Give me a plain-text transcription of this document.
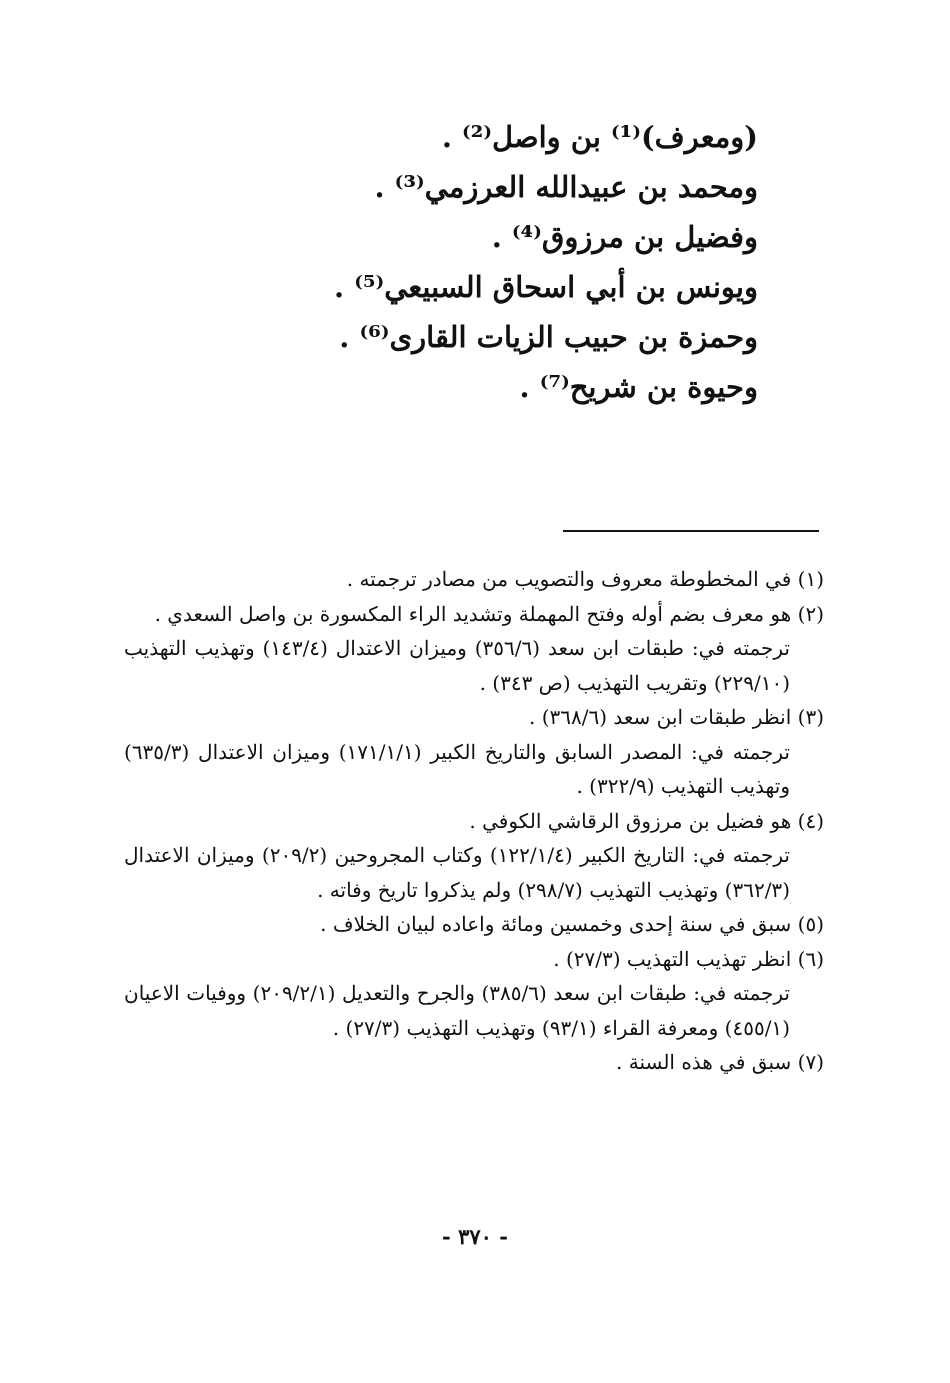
(ومعرف)⁽¹⁾ بن واصل⁽²⁾ .
ومحمد بن عبيدالله العرزمي⁽³⁾ .
وفضيل بن مرزوق⁽⁴⁾ .
ويونس بن أبي اسحاق السبيعي⁽⁵⁾ .
وحمزة بن حبيب الزيات القارى⁽⁶⁾ .
وحيوة بن شريح⁽⁷⁾ .
(١) في المخطوطة معروف والتصويب من مصادر ترجمته .
(٢) هو معرف بضم أوله وفتح المهملة وتشديد الراء المكسورة بن واصل السعدي .
ترجمته في: طبقات ابن سعد (٣٥٦/٦) وميزان الاعتدال (١٤٣/٤) وتهذيب التهذيب (٢٢٩/١٠) وتقريب التهذيب (ص ٣٤٣) .
(٣) انظر طبقات ابن سعد (٣٦٨/٦) .
ترجمته في: المصدر السابق والتاريخ الكبير (١٧١/١/١) وميزان الاعتدال (٦٣٥/٣) وتهذيب التهذيب (٣٢٢/٩) .
(٤) هو فضيل بن مرزوق الرقاشي الكوفي .
ترجمته في: التاريخ الكبير (١٢٢/١/٤) وكتاب المجروحين (٢٠٩/٢) وميزان الاعتدال (٣٦٢/٣) وتهذيب التهذيب (٢٩٨/٧) ولم يذكروا تاريخ وفاته .
(٥) سبق في سنة إحدى وخمسين ومائة واعاده لبيان الخلاف .
(٦) انظر تهذيب التهذيب (٢٧/٣) .
ترجمته في: طبقات ابن سعد (٣٨٥/٦) والجرح والتعديل (٢٠٩/٢/١) ووفيات الاعيان (٤٥٥/١) ومعرفة القراء (٩٣/١) وتهذيب التهذيب (٢٧/٣) .
(٧) سبق في هذه السنة .
- ٣٧٠ -
